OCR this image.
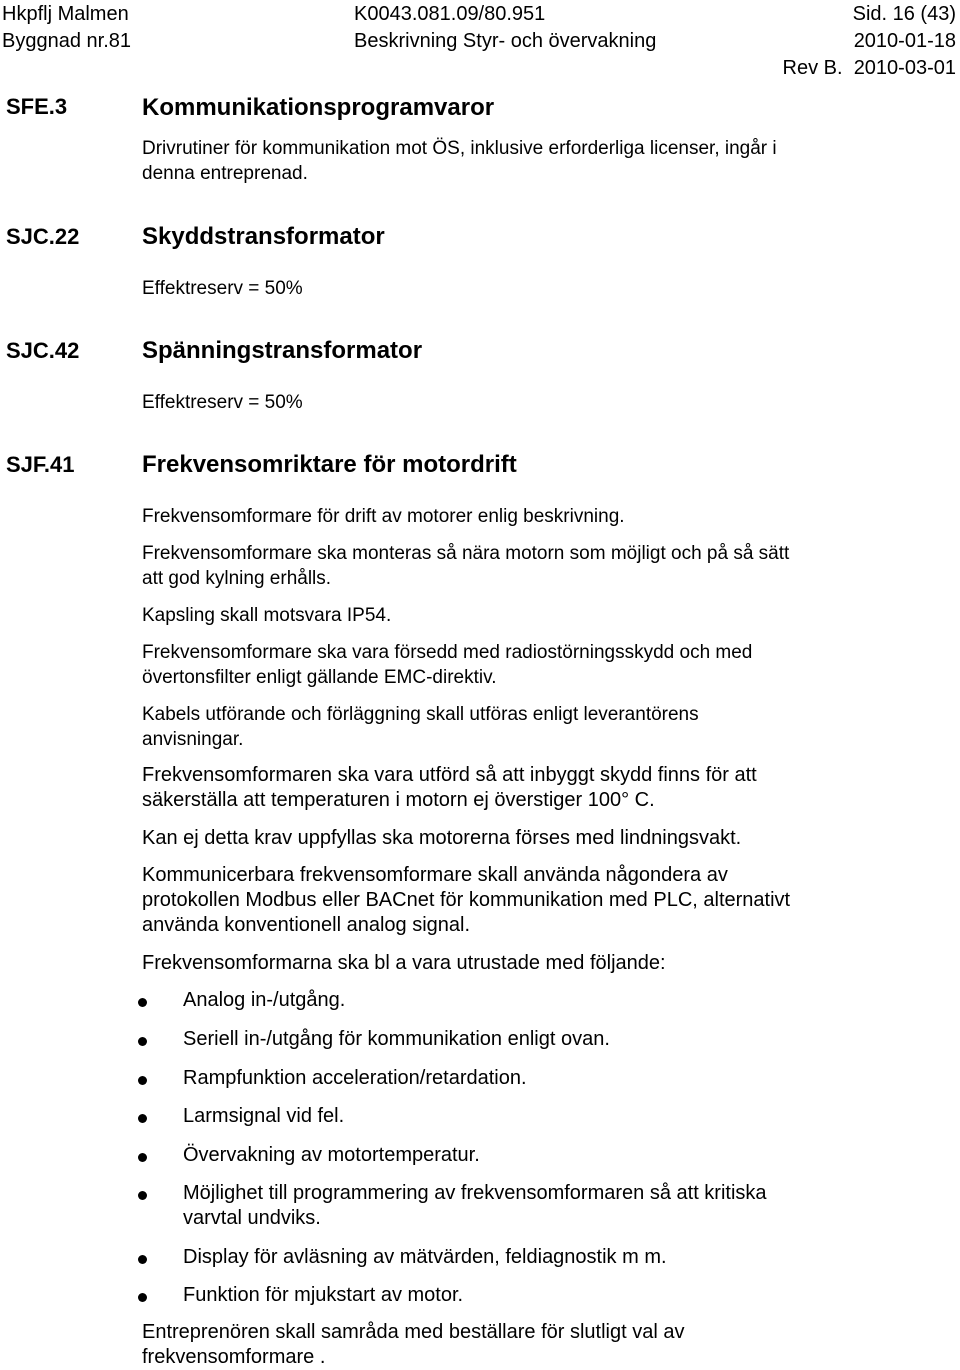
Hkpflj Malmen	K0043.081.09/80.951	Sid. 16 (43)
Byggnad nr.81	Beskrivning Styr- och övervakning	2010-01-18
Rev B. 2010-03-01
SFE.3	Kommunikationsprogramvaror

Drivrutiner för kommunikation mot ÖS, inklusive erforderliga licenser, ingår i denna entreprenad.

SJC.22	Skyddstransformator

Effektreserv = 50%

SJC.42	Spänningstransformator

Effektreserv = 50%

SJF.41	Frekvensomriktare för motordrift

Frekvensomformare för drift av motorer enlig beskrivning.

Frekvensomformare ska monteras så nära motorn som möjligt och på så sätt att god kylning erhålls.

Kapsling skall motsvara IP54.

Frekvensomformare ska vara försedd med radiostörningsskydd och med övertonsfilter enligt gällande EMC-direktiv.

Kabels utförande och förläggning skall utföras enligt leverantörens anvisningar.

Frekvensomformaren ska vara utförd så att inbyggt skydd finns för att säkerställa att temperaturen i motorn ej överstiger 100° C.

Kan ej detta krav uppfyllas ska motorerna förses med lindningsvakt.

Kommunicerbara frekvensomformare skall använda någondera av protokollen Modbus eller BACnet för kommunikation med PLC, alternativt använda konventionell analog signal.

Frekvensomformarna ska bl a vara utrustade med följande:

Analog in-/utgång.
Seriell in-/utgång för kommunikation enligt ovan.
Rampfunktion acceleration/retardation.
Larmsignal vid fel.
Övervakning av motortemperatur.
Möjlighet till programmering av frekvensomformaren så att kritiska varvtal undviks.
Display för avläsning av mätvärden, feldiagnostik m m.
Funktion för mjukstart av motor.

Entreprenören skall samråda med beställare för slutligt val av frekvensomformare .
